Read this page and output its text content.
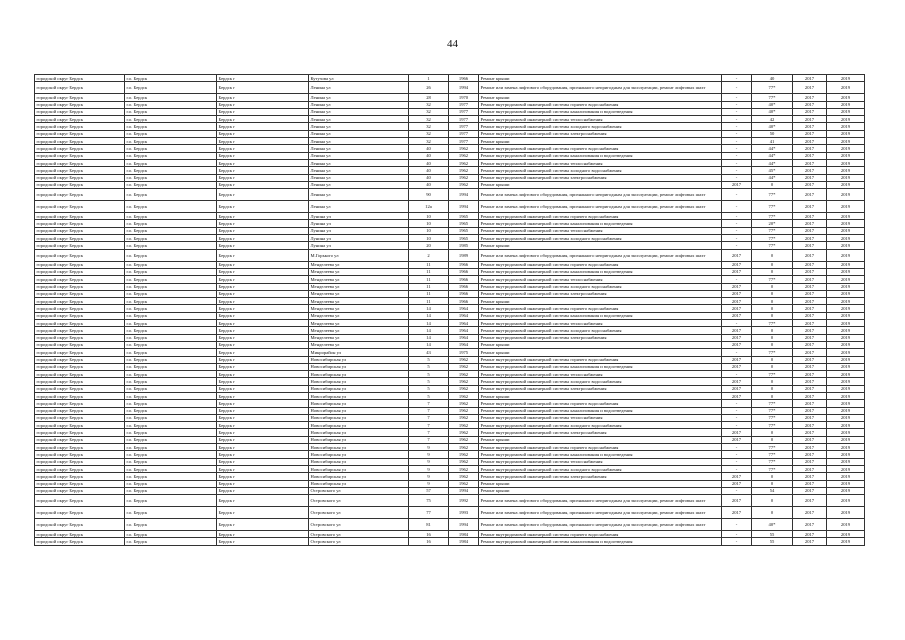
44
городской округ Бердск	г.о. Бердск	Бердск г	Кутузова ул	1	1966	Ремонт крыши	-	40	2017	2019
городской округ Бердск	г.о. Бердск	Бердск г	Ленина ул	26	1994	Ремонт или замена лифтового оборудования, признанного непригодным для эксплуатации, ремонт лифтовых шахт	-	77*	2017	2019
городской округ Бердск	г.о. Бердск	Бердск г	Ленина ул	28	1970	Ремонт крыши	-	77*	2017	2019
городской округ Бердск	г.о. Бердск	Бердск г	Ленина ул	32	1977	Ремонт внутридомовой инженерной системы горячего водоснабжения	-	40*	2017	2019
городской округ Бердск	г.о. Бердск	Бердск г	Ленина ул	32	1977	Ремонт внутридомовой инженерной системы канализования и водоотведения	-	40*	2017	2019
городской округ Бердск	г.о. Бердск	Бердск г	Ленина ул	32	1977	Ремонт внутридомовой инженерной системы теплоснабжения	-	42	2017	2019
городской округ Бердск	г.о. Бердск	Бердск г	Ленина ул	32	1977	Ремонт внутридомовой инженерной системы холодного водоснабжения	-	40*	2017	2019
городской округ Бердск	г.о. Бердск	Бердск г	Ленина ул	32	1977	Ремонт внутридомовой инженерной системы электроснабжения	-	50	2017	2019
городской округ Бердск	г.о. Бердск	Бердск г	Ленина ул	32	1977	Ремонт крыши	-	41	2017	2019
городской округ Бердск	г.о. Бердск	Бердск г	Ленина ул	40	1962	Ремонт внутридомовой инженерной системы горячего водоснабжения	-	44*	2017	2019
городской округ Бердск	г.о. Бердск	Бердск г	Ленина ул	40	1962	Ремонт внутридомовой инженерной системы канализования и водоотведения	-	44*	2017	2019
городской округ Бердск	г.о. Бердск	Бердск г	Ленина ул	40	1962	Ремонт внутридомовой инженерной системы теплоснабжения	-	44*	2017	2019
городской округ Бердск	г.о. Бердск	Бердск г	Ленина ул	40	1962	Ремонт внутридомовой инженерной системы холодного водоснабжения	-	45*	2017	2019
городской округ Бердск	г.о. Бердск	Бердск г	Ленина ул	40	1962	Ремонт внутридомовой инженерной системы электроснабжения	-	44*	2017	2019
городской округ Бердск	г.о. Бердск	Бердск г	Ленина ул	40	1962	Ремонт крыши	2017	0	2017	2019
городской округ Бердск	г.о. Бердск	Бердск г	Ленина ул	90	1994	Ремонт или замена лифтового оборудования, признанного непригодным для эксплуатации, ремонт лифтовых шахт	-	77*	2017	2019
городской округ Бердск	г.о. Бердск	Бердск г	Ленина ул	12а	1994	Ремонт или замена лифтового оборудования, признанного непригодным для эксплуатации, ремонт лифтовых шахт	-	77*	2017	2019
городской округ Бердск	г.о. Бердск	Бердск г	Лунина ул	10	1965	Ремонт внутридомовой инженерной системы горячего водоснабжения	-	77*	2017	2019
городской округ Бердск	г.о. Бердск	Бердск г	Лунина ул	10	1965	Ремонт внутридомовой инженерной системы канализования и водоотведения	-	20*	2017	2019
городской округ Бердск	г.о. Бердск	Бердск г	Лунина ул	10	1965	Ремонт внутридомовой инженерной системы теплоснабжения	-	77*	2017	2019
городской округ Бердск	г.о. Бердск	Бердск г	Лунина ул	10	1965	Ремонт внутридомовой инженерной системы холодного водоснабжения	-	77*	2017	2019
городской округ Бердск	г.о. Бердск	Бердск г	Лунина ул	20	1985	Ремонт крыши	-	77*	2017	2019
городской округ Бердск	г.о. Бердск	Бердск г	М.Горького ул	2	1989	Ремонт или замена лифтового оборудования, признанного непригодным для эксплуатации, ремонт лифтовых шахт	2017	0	2017	2019
городской округ Бердск	г.о. Бердск	Бердск г	Менделеева ул	11	1966	Ремонт внутридомовой инженерной системы горячего водоснабжения	2017	0	2017	2019
городской округ Бердск	г.о. Бердск	Бердск г	Менделеева ул	11	1966	Ремонт внутридомовой инженерной системы канализования и водоотведения	2017	0	2017	2019
городской округ Бердск	г.о. Бердск	Бердск г	Менделеева ул	11	1966	Ремонт внутридомовой инженерной системы теплоснабжения	-	77*	2017	2019
городской округ Бердск	г.о. Бердск	Бердск г	Менделеева ул	11	1966	Ремонт внутридомовой инженерной системы холодного водоснабжения	2017	0	2017	2019
городской округ Бердск	г.о. Бердск	Бердск г	Менделеева ул	11	1966	Ремонт внутридомовой инженерной системы электроснабжения	2017	0	2017	2019
городской округ Бердск	г.о. Бердск	Бердск г	Менделеева ул	11	1966	Ремонт крыши	2017	0	2017	2019
городской округ Бердск	г.о. Бердск	Бердск г	Менделеева ул	14	1964	Ремонт внутридомовой инженерной системы горячего водоснабжения	2017	0	2017	2019
городской округ Бердск	г.о. Бердск	Бердск г	Менделеева ул	14	1964	Ремонт внутридомовой инженерной системы канализования и водоотведения	2017	0	2017	2019
городской округ Бердск	г.о. Бердск	Бердск г	Менделеева ул	14	1964	Ремонт внутридомовой инженерной системы теплоснабжения	-	77*	2017	2019
городской округ Бердск	г.о. Бердск	Бердск г	Менделеева ул	14	1964	Ремонт внутридомовой инженерной системы холодного водоснабжения	2017	0	2017	2019
городской округ Бердск	г.о. Бердск	Бердск г	Менделеева ул	14	1964	Ремонт внутридомовой инженерной системы электроснабжения	2017	0	2017	2019
городской округ Бердск	г.о. Бердск	Бердск г	Менделеева ул	14	1964	Ремонт крыши	2017	0	2017	2019
городской округ Бердск	г.о. Бердск	Бердск г	Микрорайон ул	43	1975	Ремонт крыши	-	77*	2017	2019
городской округ Бердск	г.о. Бердск	Бердск г	Новосибирская ул	5	1962	Ремонт внутридомовой инженерной системы горячего водоснабжения	2017	0	2017	2019
городской округ Бердск	г.о. Бердск	Бердск г	Новосибирская ул	5	1962	Ремонт внутридомовой инженерной системы канализования и водоотведения	2017	0	2017	2019
городской округ Бердск	г.о. Бердск	Бердск г	Новосибирская ул	5	1962	Ремонт внутридомовой инженерной системы теплоснабжения	-	77*	2017	2019
городской округ Бердск	г.о. Бердск	Бердск г	Новосибирская ул	5	1962	Ремонт внутридомовой инженерной системы холодного водоснабжения	2017	0	2017	2019
городской округ Бердск	г.о. Бердск	Бердск г	Новосибирская ул	5	1962	Ремонт внутридомовой инженерной системы электроснабжения	2017	0	2017	2019
городской округ Бердск	г.о. Бердск	Бердск г	Новосибирская ул	5	1962	Ремонт крыши	2017	0	2017	2019
городской округ Бердск	г.о. Бердск	Бердск г	Новосибирская ул	7	1962	Ремонт внутридомовой инженерной системы горячего водоснабжения	-	77*	2017	2019
городской округ Бердск	г.о. Бердск	Бердск г	Новосибирская ул	7	1962	Ремонт внутридомовой инженерной системы канализования и водоотведения	-	77*	2017	2019
городской округ Бердск	г.о. Бердск	Бердск г	Новосибирская ул	7	1962	Ремонт внутридомовой инженерной системы теплоснабжения	-	77*	2017	2019
городской округ Бердск	г.о. Бердск	Бердск г	Новосибирская ул	7	1962	Ремонт внутридомовой инженерной системы холодного водоснабжения	-	77*	2017	2019
городской округ Бердск	г.о. Бердск	Бердск г	Новосибирская ул	7	1962	Ремонт внутридомовой инженерной системы электроснабжения	2017	0	2017	2019
городской округ Бердск	г.о. Бердск	Бердск г	Новосибирская ул	7	1962	Ремонт крыши	2017	0	2017	2019
городской округ Бердск	г.о. Бердск	Бердск г	Новосибирская ул	9	1962	Ремонт внутридомовой инженерной системы горячего водоснабжения	-	77*	2017	2019
городской округ Бердск	г.о. Бердск	Бердск г	Новосибирская ул	9	1962	Ремонт внутридомовой инженерной системы канализования и водоотведения	-	77*	2017	2019
городской округ Бердск	г.о. Бердск	Бердск г	Новосибирская ул	9	1962	Ремонт внутридомовой инженерной системы теплоснабжения	-	77*	2017	2019
городской округ Бердск	г.о. Бердск	Бердск г	Новосибирская ул	9	1962	Ремонт внутридомовой инженерной системы холодного водоснабжения	-	77*	2017	2019
городской округ Бердск	г.о. Бердск	Бердск г	Новосибирская ул	9	1962	Ремонт внутридомовой инженерной системы электроснабжения	2017	0	2017	2019
городской округ Бердск	г.о. Бердск	Бердск г	Новосибирская ул	9	1962	Ремонт крыши	2017	0	2017	2019
городской округ Бердск	г.о. Бердск	Бердск г	Островского ул	57	1994	Ремонт крыши	-	54	2017	2019
городской округ Бердск	г.о. Бердск	Бердск г	Островского ул	75	1992	Ремонт или замена лифтового оборудования, признанного непригодным для эксплуатации, ремонт лифтовых шахт	2017	0	2017	2019
городской округ Бердск	г.о. Бердск	Бердск г	Островского ул	77	1993	Ремонт или замена лифтового оборудования, признанного непригодным для эксплуатации, ремонт лифтовых шахт	2017	0	2017	2019
городской округ Бердск	г.о. Бердск	Бердск г	Островского ул	81	1994	Ремонт или замена лифтового оборудования, признанного непригодным для эксплуатации, ремонт лифтовых шахт	-	40*	2017	2019
городской округ Бердск	г.о. Бердск	Бердск г	Островского ул	16	1984	Ремонт внутридомовой инженерной системы горячего водоснабжения	-	55	2017	2019
городской округ Бердск	г.о. Бердск	Бердск г	Островского ул	16	1984	Ремонт внутридомовой инженерной системы канализования и водоотведения	-	55	2017	2019
